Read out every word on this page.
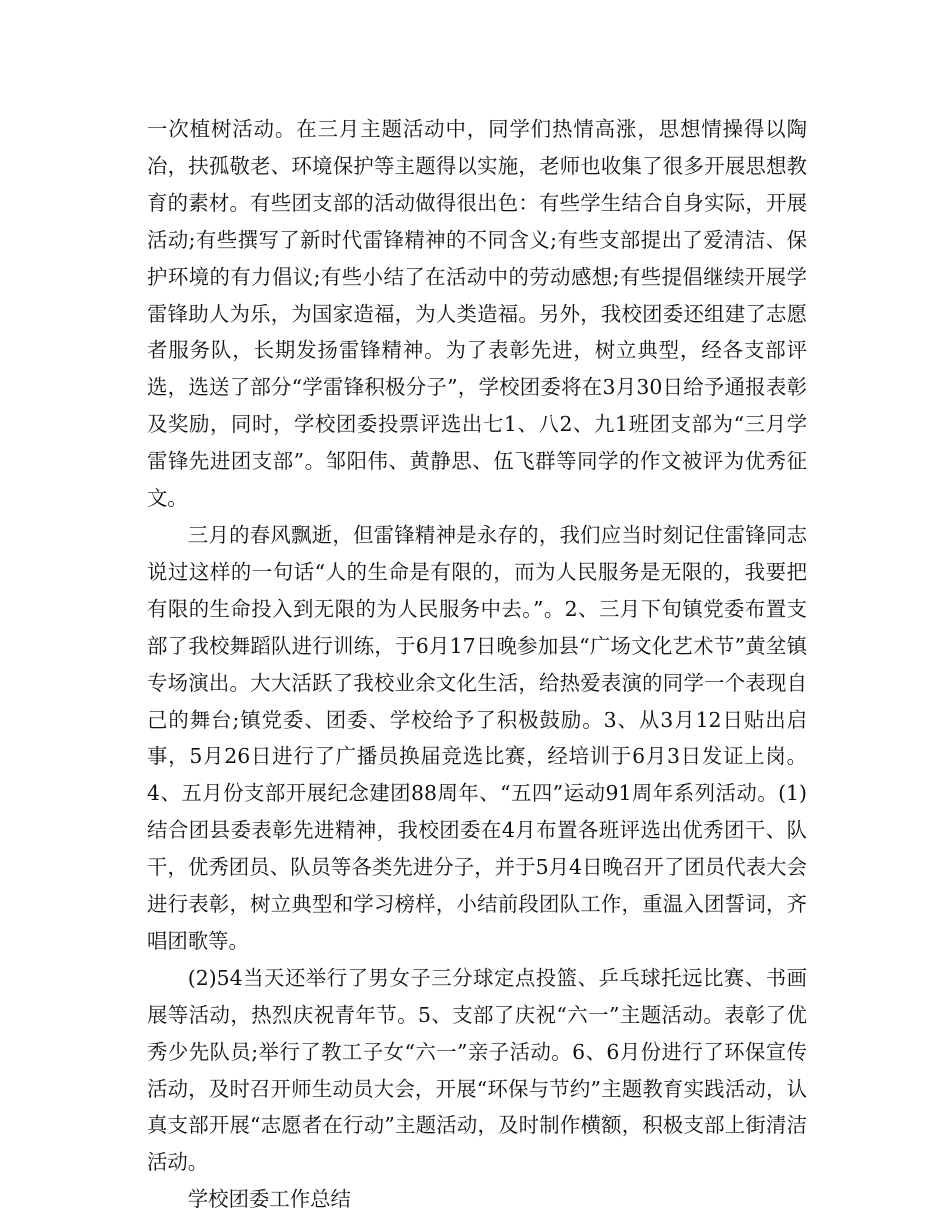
一次植树活动。在三月主题活动中，同学们热情高涨，思想情操得以陶冶，扶孤敬老、环境保护等主题得以实施，老师也收集了很多开展思想教育的素材。有些团支部的活动做得很出色：有些学生结合自身实际，开展活动;有些撰写了新时代雷锋精神的不同含义;有些支部提出了爱清洁、保护环境的有力倡议;有些小结了在活动中的劳动感想;有些提倡继续开展学雷锋助人为乐，为国家造福，为人类造福。另外，我校团委还组建了志愿者服务队，长期发扬雷锋精神。为了表彰先进，树立典型，经各支部评选，选送了部分“学雷锋积极分子”，学校团委将在3月30日给予通报表彰及奖励，同时，学校团委投票评选出七1、八2、九1班团支部为“三月学雷锋先进团支部”。邹阳伟、黄静思、伍飞群等同学的作文被评为优秀征文。

三月的春风飘逝，但雷锋精神是永存的，我们应当时刻记住雷锋同志说过这样的一句话“人的生命是有限的，而为人民服务是无限的，我要把有限的生命投入到无限的为人民服务中去。”。2、三月下旬镇党委布置支部了我校舞蹈队进行训练，于6月17日晚参加县“广场文化艺术节”黄坌镇专场演出。大大活跃了我校业余文化生活，给热爱表演的同学一个表现自己的舞台;镇党委、团委、学校给予了积极鼓励。3、从3月12日贴出启事，5月26日进行了广播员换届竞选比赛，经培训于6月3日发证上岗。4、五月份支部开展纪念建团88周年、“五四”运动91周年系列活动。(1)结合团县委表彰先进精神，我校团委在4月布置各班评选出优秀团干、队干，优秀团员、队员等各类先进分子，并于5月4日晚召开了团员代表大会进行表彰，树立典型和学习榜样，小结前段团队工作，重温入团誓词，齐唱团歌等。

(2)54当天还举行了男女子三分球定点投篮、乒乓球托远比赛、书画展等活动，热烈庆祝青年节。5、支部了庆祝“六一”主题活动。表彰了优秀少先队员;举行了教工子女“六一”亲子活动。6、6月份进行了环保宣传活动，及时召开师生动员大会，开展“环保与节约”主题教育实践活动，认真支部开展“志愿者在行动”主题活动，及时制作横额，积极支部上街清洁活动。

学校团委工作总结
